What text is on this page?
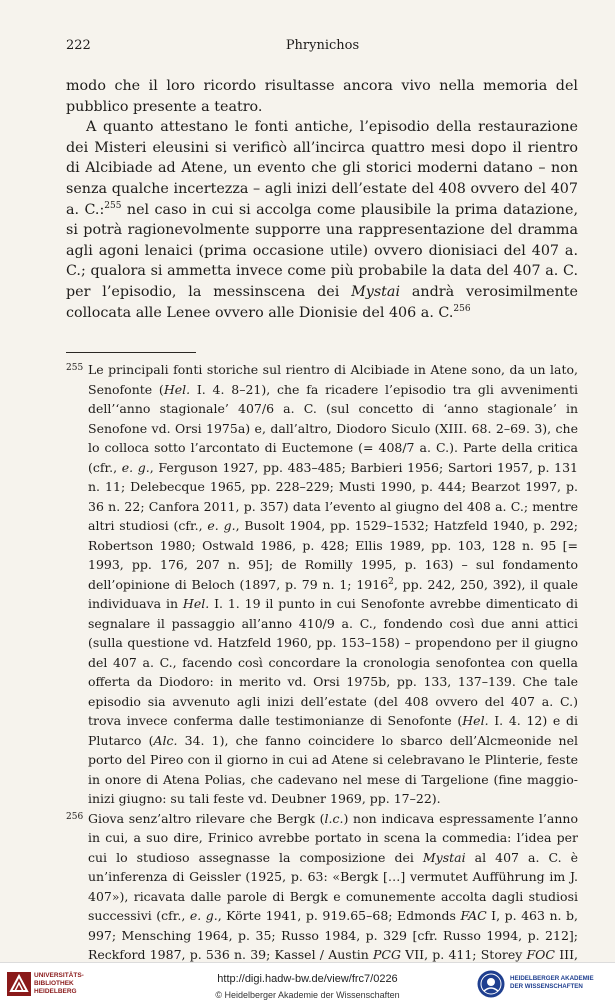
222	Phrynichos

modo che il loro ricordo risultasse ancora vivo nella memoria del pubblico presente a teatro.

A quanto attestano le fonti antiche, l’episodio della restaurazione dei Misteri eleusini si verificò all’incirca quattro mesi dopo il rientro di Alcibiade ad Atene, un evento che gli storici moderni datano – non senza qualche incertezza – agli inizi dell’estate del 408 ovvero del 407 a. C.:$^{255}$ nel caso in cui si accolga come plausibile la prima datazione, si potrà ragionevolmente supporre una rappresentazione del dramma agli agoni lenaici (prima occasione utile) ovvero dionisiaci del 407 a. C.; qualora si ammetta invece come più probabile la data del 407 a. C. per l’episodio, la messinscena dei Mystai andrà verosimilmente collocata alle Lenee ovvero alle Dionisie del 406 a. C.$^{256}$

255 Le principali fonti storiche sul rientro di Alcibiade in Atene sono, da un lato, Senofonte (Hel. I. 4. 8–21), che fa ricadere l’episodio tra gli avvenimenti dell’‘anno stagionale’ 407/6 a. C. (sul concetto di ‘anno stagionale’ in Senofone vd. Orsi 1975a) e, dall’altro, Diodoro Siculo (XIII. 68. 2–69. 3), che lo colloca sotto l’arcontato di Euctemone (= 408/7 a. C.). Parte della critica (cfr., e. g., Ferguson 1927, pp. 483–485; Barbieri 1956; Sartori 1957, p. 131 n. 11; Delebecque 1965, pp. 228–229; Musti 1990, p. 444; Bearzot 1997, p. 36 n. 22; Canfora 2011, p. 357) data l’evento al giugno del 408 a. C.; mentre altri studiosi (cfr., e. g., Busolt 1904, pp. 1529–1532; Hatzfeld 1940, p. 292; Robertson 1980; Ostwald 1986, p. 428; Ellis 1989, pp. 103, 128 n. 95 [= 1993, pp. 176, 207 n. 95]; de Romilly 1995, p. 163) – sul fondamento dell’opinione di Beloch (1897, p. 79 n. 1; 1916$^2$, pp. 242, 250, 392), il quale individuava in Hel. I. 1. 19 il punto in cui Senofonte avrebbe dimenticato di segnalare il passaggio all’anno 410/9 a. C., fondendo così due anni attici (sulla questione vd. Hatzfeld 1960, pp. 153–158) – propendono per il giugno del 407 a. C., facendo così concordare la cronologia senofontea con quella offerta da Diodoro: in merito vd. Orsi 1975b, pp. 133, 137–139. Che tale episodio sia avvenuto agli inizi dell’estate (del 408 ovvero del 407 a. C.) trova invece conferma dalle testimonianze di Senofonte (Hel. I. 4. 12) e di Plutarco (Alc. 34. 1), che fanno coincidere lo sbarco dell’Alcmeonide nel porto del Pireo con il giorno in cui ad Atene si celebravano le Plinterie, feste in onore di Atena Polias, che cadevano nel mese di Targelione (fine maggio-inizi giugno: su tali feste vd. Deubner 1969, pp. 17–22).
256 Giova senz’altro rilevare che Bergk (l.c.) non indicava espressamente l’anno in cui, a suo dire, Frinico avrebbe portato in scena la commedia: l’idea per cui lo studioso assegnasse la composizione dei Mystai al 407 a. C. è un’inferenza di Geissler (1925, p. 63: «Bergk […] vermutet Aufführung im J. 407»), ricavata dalle parole di Bergk e comunemente accolta dagli studiosi successivi (cfr., e. g., Körte 1941, p. 919.65–68; Edmonds FAC I, p. 463 n. b, 997; Mensching 1964, p. 35; Russo 1984, p. 329 [cfr. Russo 1994, p. 212]; Reckford 1987, p. 536 n. 39; Kassel / Austin PCG VII, p. 411; Storey FOC III,
UNIVERSITÄTS-
BIBLIOTHEK
HEIDELBERG
http://digi.hadw-bw.de/view/frc7/0226
© Heidelberger Akademie der Wissenschaften
HEIDELBERGER AKADEMIE
DER WISSENSCHAFTEN
